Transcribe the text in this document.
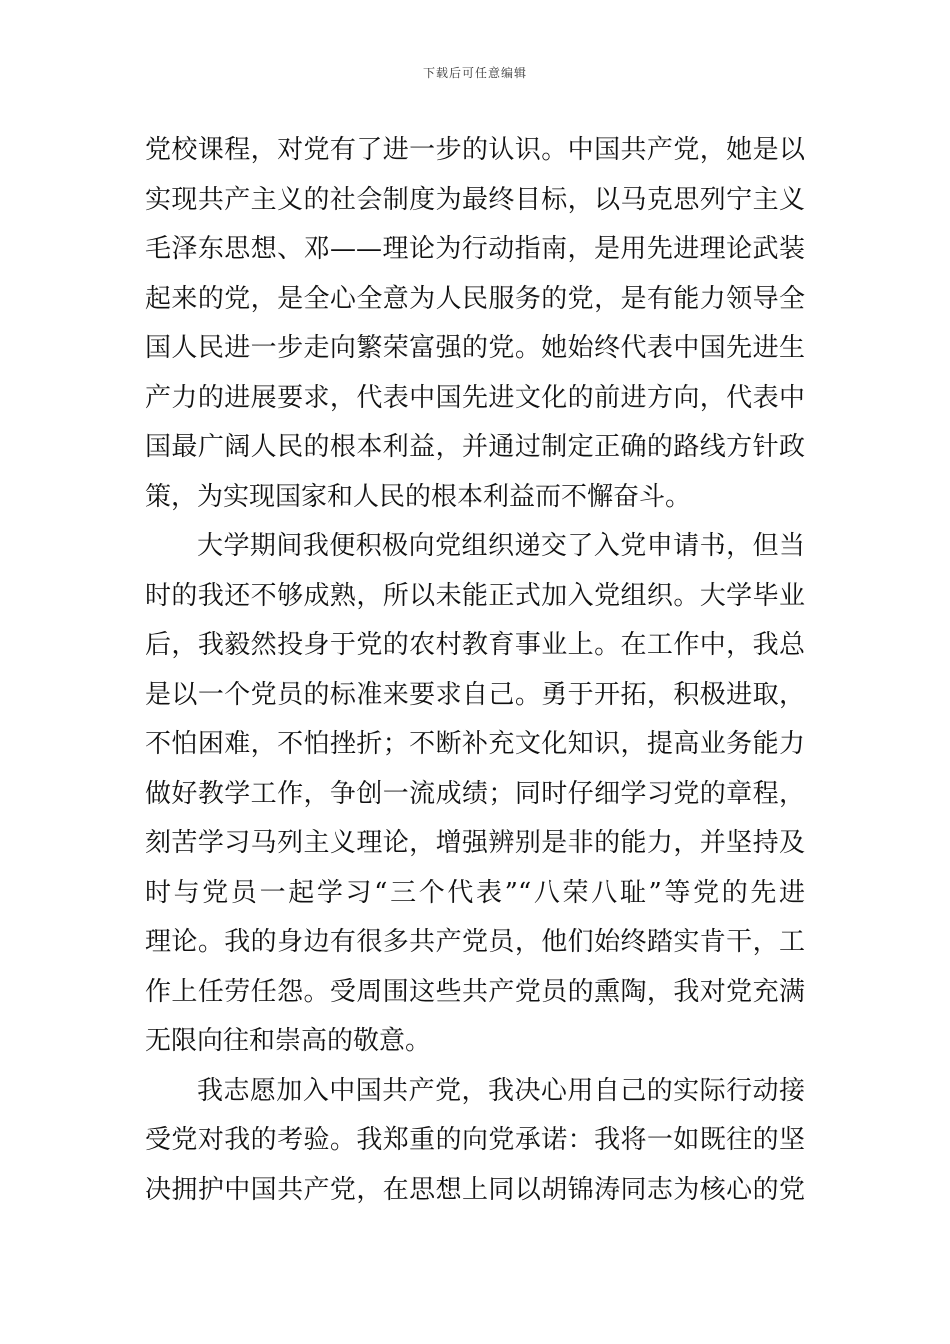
下载后可任意编辑
党校课程，对党有了进一步的认识。中国共产党，她是以
实现共产主义的社会制度为最终目标，以马克思列宁主义
毛泽东思想、邓——理论为行动指南，是用先进理论武装
起来的党，是全心全意为人民服务的党，是有能力领导全
国人民进一步走向繁荣富强的党。她始终代表中国先进生
产力的进展要求，代表中国先进文化的前进方向，代表中
国最广阔人民的根本利益，并通过制定正确的路线方针政
策，为实现国家和人民的根本利益而不懈奋斗。
大学期间我便积极向党组织递交了入党申请书，但当
时的我还不够成熟，所以未能正式加入党组织。大学毕业
后，我毅然投身于党的农村教育事业上。在工作中，我总
是以一个党员的标准来要求自己。勇于开拓，积极进取，
不怕困难，不怕挫折；不断补充文化知识，提高业务能力
做好教学工作，争创一流成绩；同时仔细学习党的章程，
刻苦学习马列主义理论，增强辨别是非的能力，并坚持及
时与党员一起学习“三个代表”“八荣八耻”等党的先进
理论。我的身边有很多共产党员，他们始终踏实肯干，工
作上任劳任怨。受周围这些共产党员的熏陶，我对党充满
无限向往和崇高的敬意。
我志愿加入中国共产党，我决心用自己的实际行动接
受党对我的考验。我郑重的向党承诺：我将一如既往的坚
决拥护中国共产党，在思想上同以胡锦涛同志为核心的党
